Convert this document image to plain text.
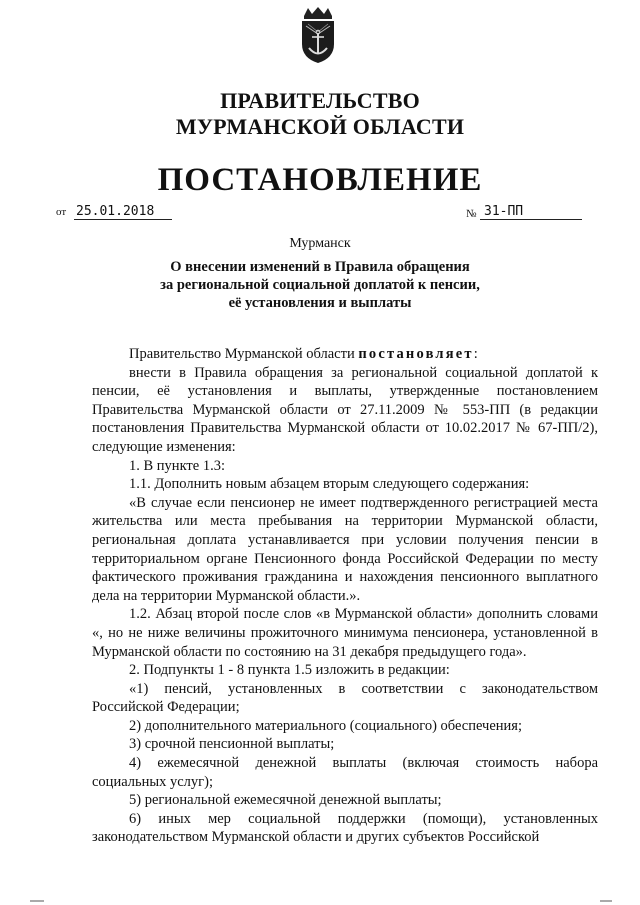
ПРАВИТЕЛЬСТВО
МУРМАНСКОЙ ОБЛАСТИ
ПОСТАНОВЛЕНИЕ
от 25.01.2018	№ 31-ПП
Мурманск
О внесении изменений в Правила обращения
за региональной социальной доплатой к пенсии,
её установления и выплаты

Правительство Мурманской области постановляет:

внести в Правила обращения за региональной социальной доплатой к пенсии, её установления и выплаты, утвержденные постановлением Правительства Мурманской области от 27.11.2009 № 553-ПП (в редакции постановления Правительства Мурманской области от 10.02.2017 № 67-ПП/2), следующие изменения:

1. В пункте 1.3:

1.1. Дополнить новым абзацем вторым следующего содержания:

«В случае если пенсионер не имеет подтвержденного регистрацией места жительства или места пребывания на территории Мурманской области, региональная доплата устанавливается при условии получения пенсии в территориальном органе Пенсионного фонда Российской Федерации по месту фактического проживания гражданина и нахождения пенсионного выплатного дела на территории Мурманской области.».

1.2. Абзац второй после слов «в Мурманской области» дополнить словами «, но не ниже величины прожиточного минимума пенсионера, установленной в Мурманской области по состоянию на 31 декабря предыдущего года».

2. Подпункты 1 - 8 пункта 1.5 изложить в редакции:

«1) пенсий, установленных в соответствии с законодательством Российской Федерации;

2) дополнительного материального (социального) обеспечения;

3) срочной пенсионной выплаты;

4) ежемесячной денежной выплаты (включая стоимость набора социальных услуг);

5) региональной ежемесячной денежной выплаты;

6) иных мер социальной поддержки (помощи), установленных законодательством Мурманской области и других субъектов Российской
